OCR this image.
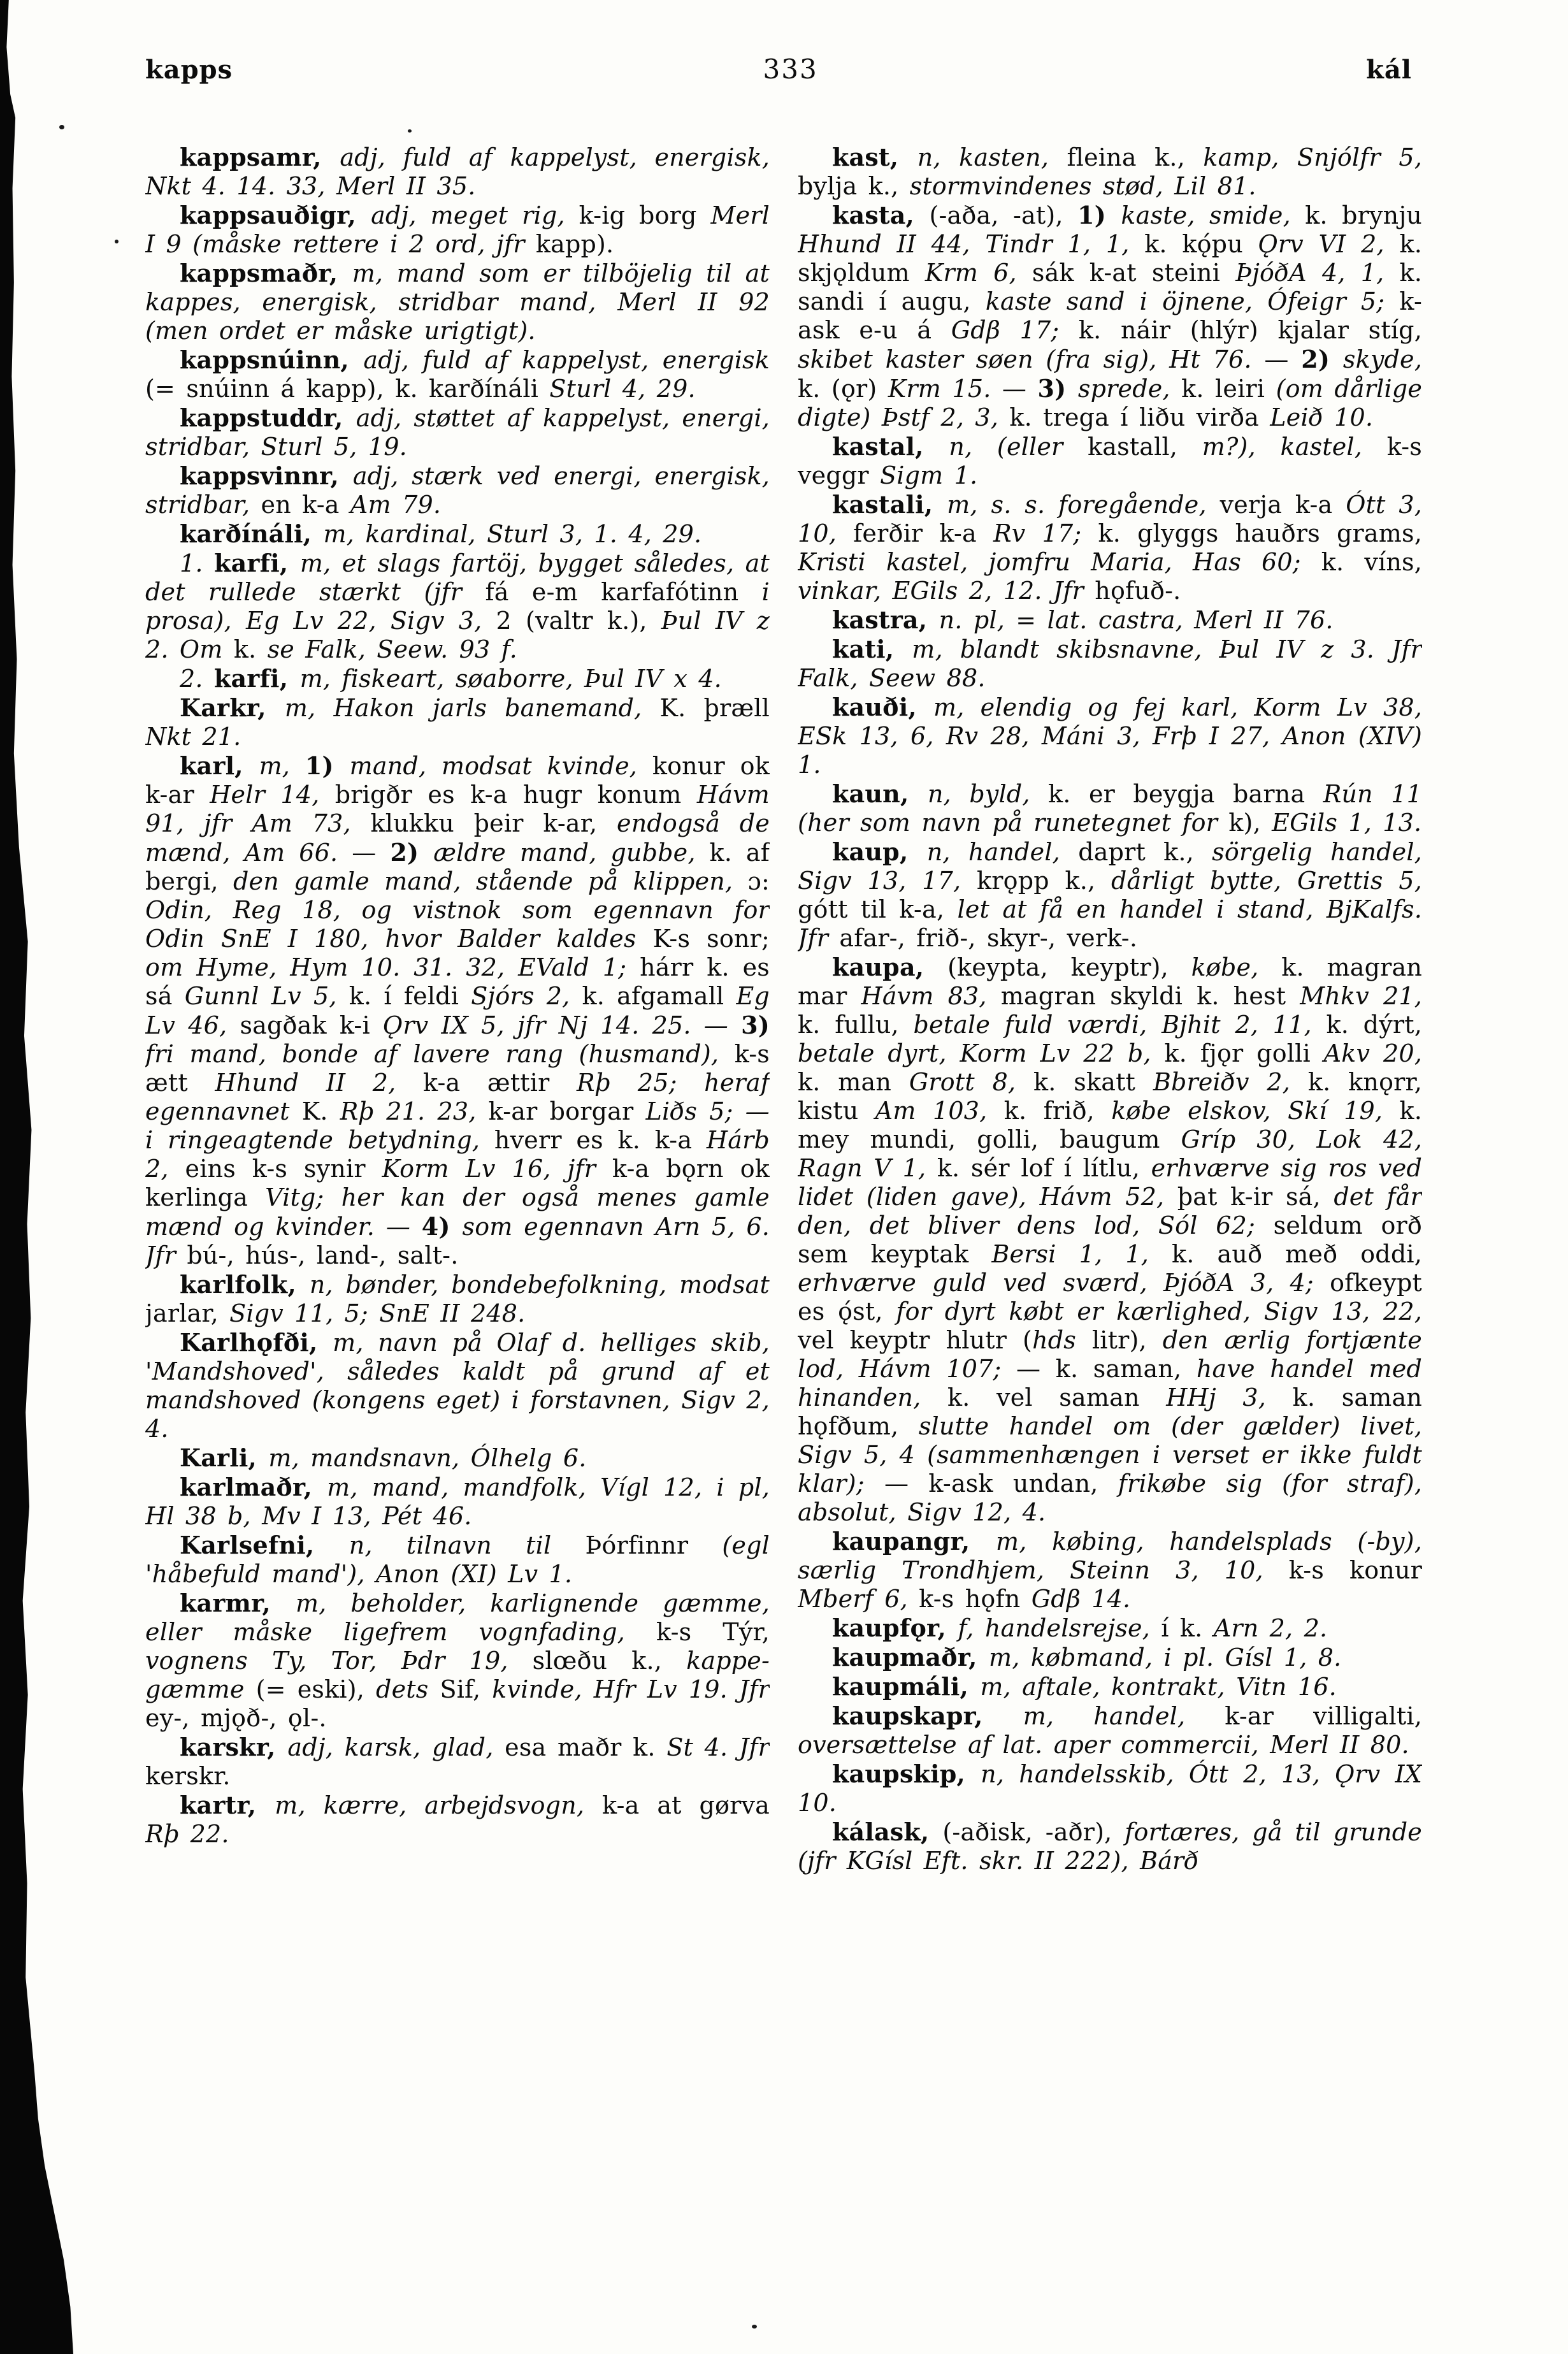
kapps	333	kál

kappsamr, adj, fuld af kappelyst, energisk, Nkt 4. 14. 33, Merl II 35.

kappsauðigr, adj, meget rig, k-ig borg Merl I 9 (måske rettere i 2 ord, jfr kapp).

kappsmaðr, m, mand som er tilböjelig til at kappes, energisk, stridbar mand, Merl II 92 (men ordet er måske urigtigt).

kappsnúinn, adj, fuld af kappelyst, energisk (= snúinn á kapp), k. karðínáli Sturl 4, 29.

kappstuddr, adj, støttet af kappelyst, energi, stridbar, Sturl 5, 19.

kappsvinnr, adj, stærk ved energi, energisk, stridbar, en k-a Am 79.

karðínáli, m, kardinal, Sturl 3, 1. 4, 29.

1. karfi, m, et slags fartöj, bygget således, at det rullede stærkt (jfr fá e-m karfafótinn i prosa), Eg Lv 22, Sigv 3, 2 (valtr k.), Þul IV z 2. Om k. se Falk, Seew. 93 f.

2. karfi, m, fiskeart, søaborre, Þul IV x 4.

Karkr, m, Hakon jarls banemand, K. þræll Nkt 21.

karl, m, 1) mand, modsat kvinde, konur ok k-ar Helr 14, brigðr es k-a hugr konum Hávm 91, jfr Am 73, klukku þeir k-ar, endogså de mænd, Am 66. — 2) ældre mand, gubbe, k. af bergi, den gamle mand, stående på klippen, ɔ: Odin, Reg 18, og vistnok som egennavn for Odin SnE I 180, hvor Balder kaldes K-s sonr; om Hyme, Hym 10. 31. 32, EVald 1; hárr k. es sá Gunnl Lv 5, k. í feldi Sjórs 2, k. afgamall Eg Lv 46, sagðak k-i Ǫrv IX 5, jfr Nj 14. 25. — 3) fri mand, bonde af lavere rang (husmand), k-s ætt Hhund II 2, k-a ættir Rþ 25; heraf egennavnet K. Rþ 21. 23, k-ar borgar Liðs 5; — i ringeagtende betydning, hverr es k. k-a Hárb 2, eins k-s synir Korm Lv 16, jfr k-a bǫrn ok kerlinga Vitg; her kan der også menes gamle mænd og kvinder. — 4) som egennavn Arn 5, 6. Jfr bú-, hús-, land-, salt-.

karlfolk, n, bønder, bondebefolkning, modsat jarlar, Sigv 11, 5; SnE II 248.

Karlhǫfði, m, navn på Olaf d. helliges skib, 'Mandshoved', således kaldt på grund af et mandshoved (kongens eget) i forstavnen, Sigv 2, 4.

Karli, m, mandsnavn, Ólhelg 6.

karlmaðr, m, mand, mandfolk, Vígl 12, i pl, Hl 38 b, Mv I 13, Pét 46.

Karlsefni, n, tilnavn til Þórfinnr (egl 'håbefuld mand'), Anon (XI) Lv 1.

karmr, m, beholder, karlignende gæmme, eller måske ligefrem vognfading, k-s Týr, vognens Ty, Tor, Þdr 19, slœðu k., kappe-gæmme (= eski), dets Sif, kvinde, Hfr Lv 19. Jfr ey-, mjǫð-, ǫl-.

karskr, adj, karsk, glad, esa maðr k. St 4. Jfr kerskr.

kartr, m, kærre, arbejdsvogn, k-a at gørva Rþ 22.

kast, n, kasten, fleina k., kamp, Snjólfr 5, bylja k., stormvindenes stød, Lil 81.

kasta, (-aða, -at), 1) kaste, smide, k. brynju Hhund II 44, Tindr 1, 1, k. kǫ́pu Ǫrv VI 2, k. skjǫldum Krm 6, sák k-at steini ÞjóðA 4, 1, k. sandi í augu, kaste sand i öjnene, Ófeigr 5; k-ask e-u á Gdβ 17; k. náir (hlýr) kjalar stíg, skibet kaster søen (fra sig), Ht 76. — 2) skyde, k. (ǫr) Krm 15. — 3) sprede, k. leiri (om dårlige digte) Þstf 2, 3, k. trega í liðu virða Leið 10.

kastal, n, (eller kastall, m?), kastel, k-s veggr Sigm 1.

kastali, m, s. s. foregående, verja k-a Ótt 3, 10, ferðir k-a Rv 17; k. glyggs hauðrs grams, Kristi kastel, jomfru Maria, Has 60; k. víns, vinkar, EGils 2, 12. Jfr hǫfuð-.

kastra, n. pl, = lat. castra, Merl II 76.

kati, m, blandt skibsnavne, Þul IV z 3. Jfr Falk, Seew 88.

kauði, m, elendig og fej karl, Korm Lv 38, ESk 13, 6, Rv 28, Máni 3, Frþ I 27, Anon (XIV) 1.

kaun, n, byld, k. er beygja barna Rún 11 (her som navn på runetegnet for k), EGils 1, 13.

kaup, n, handel, daprt k., sörgelig handel, Sigv 13, 17, krǫpp k., dårligt bytte, Grettis 5, gótt til k-a, let at få en handel i stand, BjKalfs. Jfr afar-, frið-, skyr-, verk-.

kaupa, (keypta, keyptr), købe, k. magran mar Hávm 83, magran skyldi k. hest Mhkv 21, k. fullu, betale fuld værdi, Bjhit 2, 11, k. dýrt, betale dyrt, Korm Lv 22 b, k. fjǫr golli Akv 20, k. man Grott 8, k. skatt Bbreiðv 2, k. knǫrr, kistu Am 103, k. frið, købe elskov, Skí 19, k. mey mundi, golli, baugum Gríp 30, Lok 42, Ragn V 1, k. sér lof í lítlu, erhværve sig ros ved lidet (liden gave), Hávm 52, þat k-ir sá, det får den, det bliver dens lod, Sól 62; seldum orð sem keyptak Bersi 1, 1, k. auð með oddi, erhværve guld ved sværd, ÞjóðA 3, 4; ofkeypt es ǫ́st, for dyrt købt er kærlighed, Sigv 13, 22, vel keyptr hlutr (hds litr), den ærlig fortjænte lod, Hávm 107; — k. saman, have handel med hinanden, k. vel saman HHj 3, k. saman hǫfðum, slutte handel om (der gælder) livet, Sigv 5, 4 (sammenhængen i verset er ikke fuldt klar); — k-ask undan, frikøbe sig (for straf), absolut, Sigv 12, 4.

kaupangr, m, købing, handelsplads (-by), særlig Trondhjem, Steinn 3, 10, k-s konur Mberf 6, k-s hǫfn Gdβ 14.

kaupfǫr, f, handelsrejse, í k. Arn 2, 2.

kaupmaðr, m, købmand, i pl. Gísl 1, 8.

kaupmáli, m, aftale, kontrakt, Vitn 16.

kaupskapr, m, handel, k-ar villigalti, oversættelse af lat. aper commercii, Merl II 80.

kaupskip, n, handelsskib, Ótt 2, 13, Ǫrv IX 10.

kálask, (-aðisk, -aðr), fortæres, gå til grunde (jfr KGísl Eft. skr. II 222), Bárð
